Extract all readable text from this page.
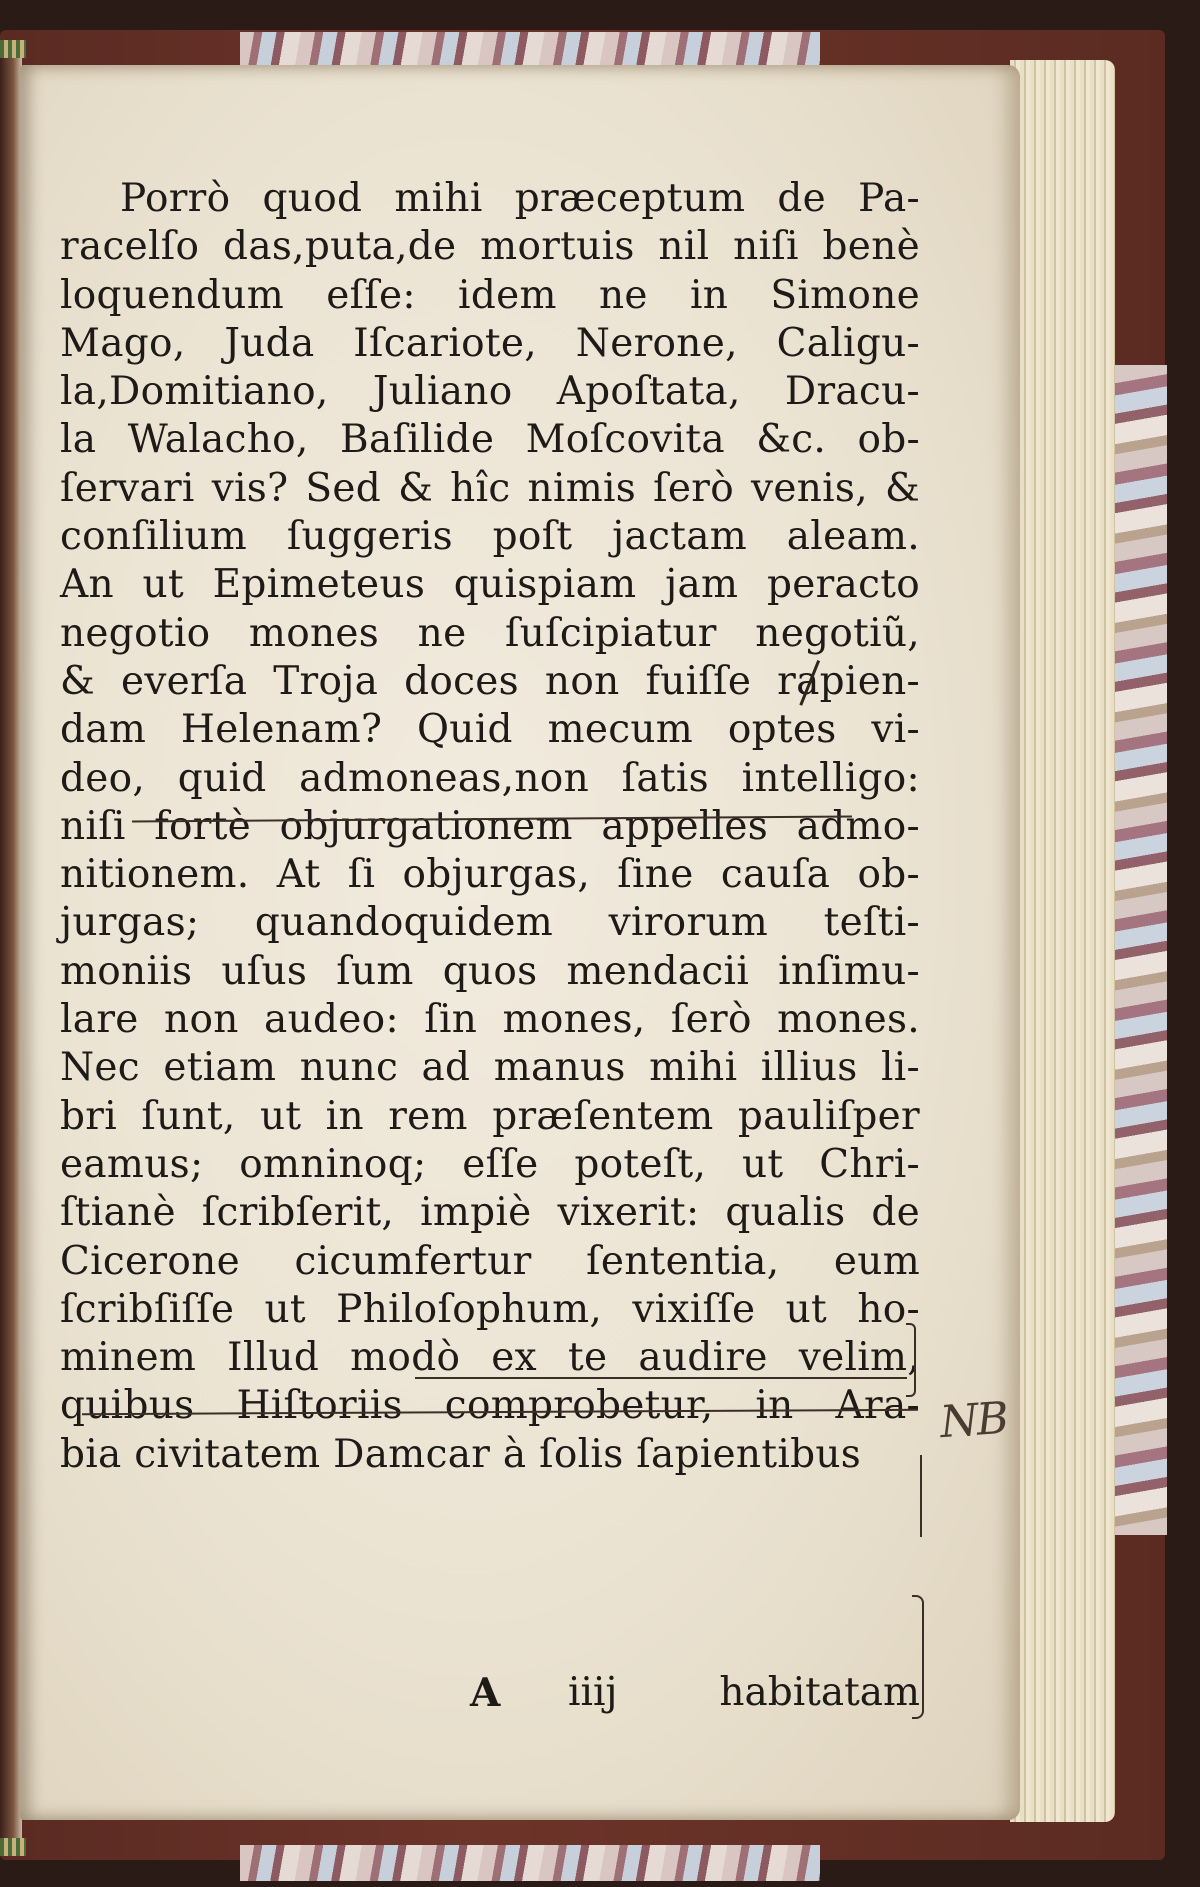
Porrò quod mihi præceptum de Pa-
racelſo das,puta,de mortuis nil niſi benè
loquendum eſſe: idem ne in Simone
Mago, Juda Iſcariote, Nerone, Caligu-
la,Domitiano, Juliano Apoſtata, Dracu-
la Walacho, Baſilide Moſcovita &c. ob-
ſervari vis? Sed & hîc nimis ſerò venis, &
conſilium ſuggeris poſt jactam aleam.
An ut Epimeteus quispiam jam peracto
negotio mones ne ſuſcipiatur negotiũ,
& everſa Troja doces non fuiſſe rapien-
dam Helenam? Quid mecum optes vi-
deo, quid admoneas,non ſatis intelligo:
niſi fortè objurgationem appelles admo-
nitionem. At ſi objurgas, ſine cauſa ob-
jurgas; quandoquidem virorum teſti-
moniis uſus ſum quos mendacii inſimu-
lare non audeo: ſin mones, ſerò mones.
Nec etiam nunc ad manus mihi illius li-
bri ſunt, ut in rem præſentem pauliſper
eamus; omninoq; eſſe poteſt, ut Chri-
ſtianè ſcribſerit, impiè vixerit: qualis de
Cicerone cicumfertur ſententia, eum
ſcribſiſſe ut Philoſophum, vixiſſe ut ho-
minem Illud modò ex te audire velim,
quibus Hiſtoriis comprobetur, in Ara-
bia civitatem Damcar à ſolis ſapientibus
A iiij	habitatam
NB
